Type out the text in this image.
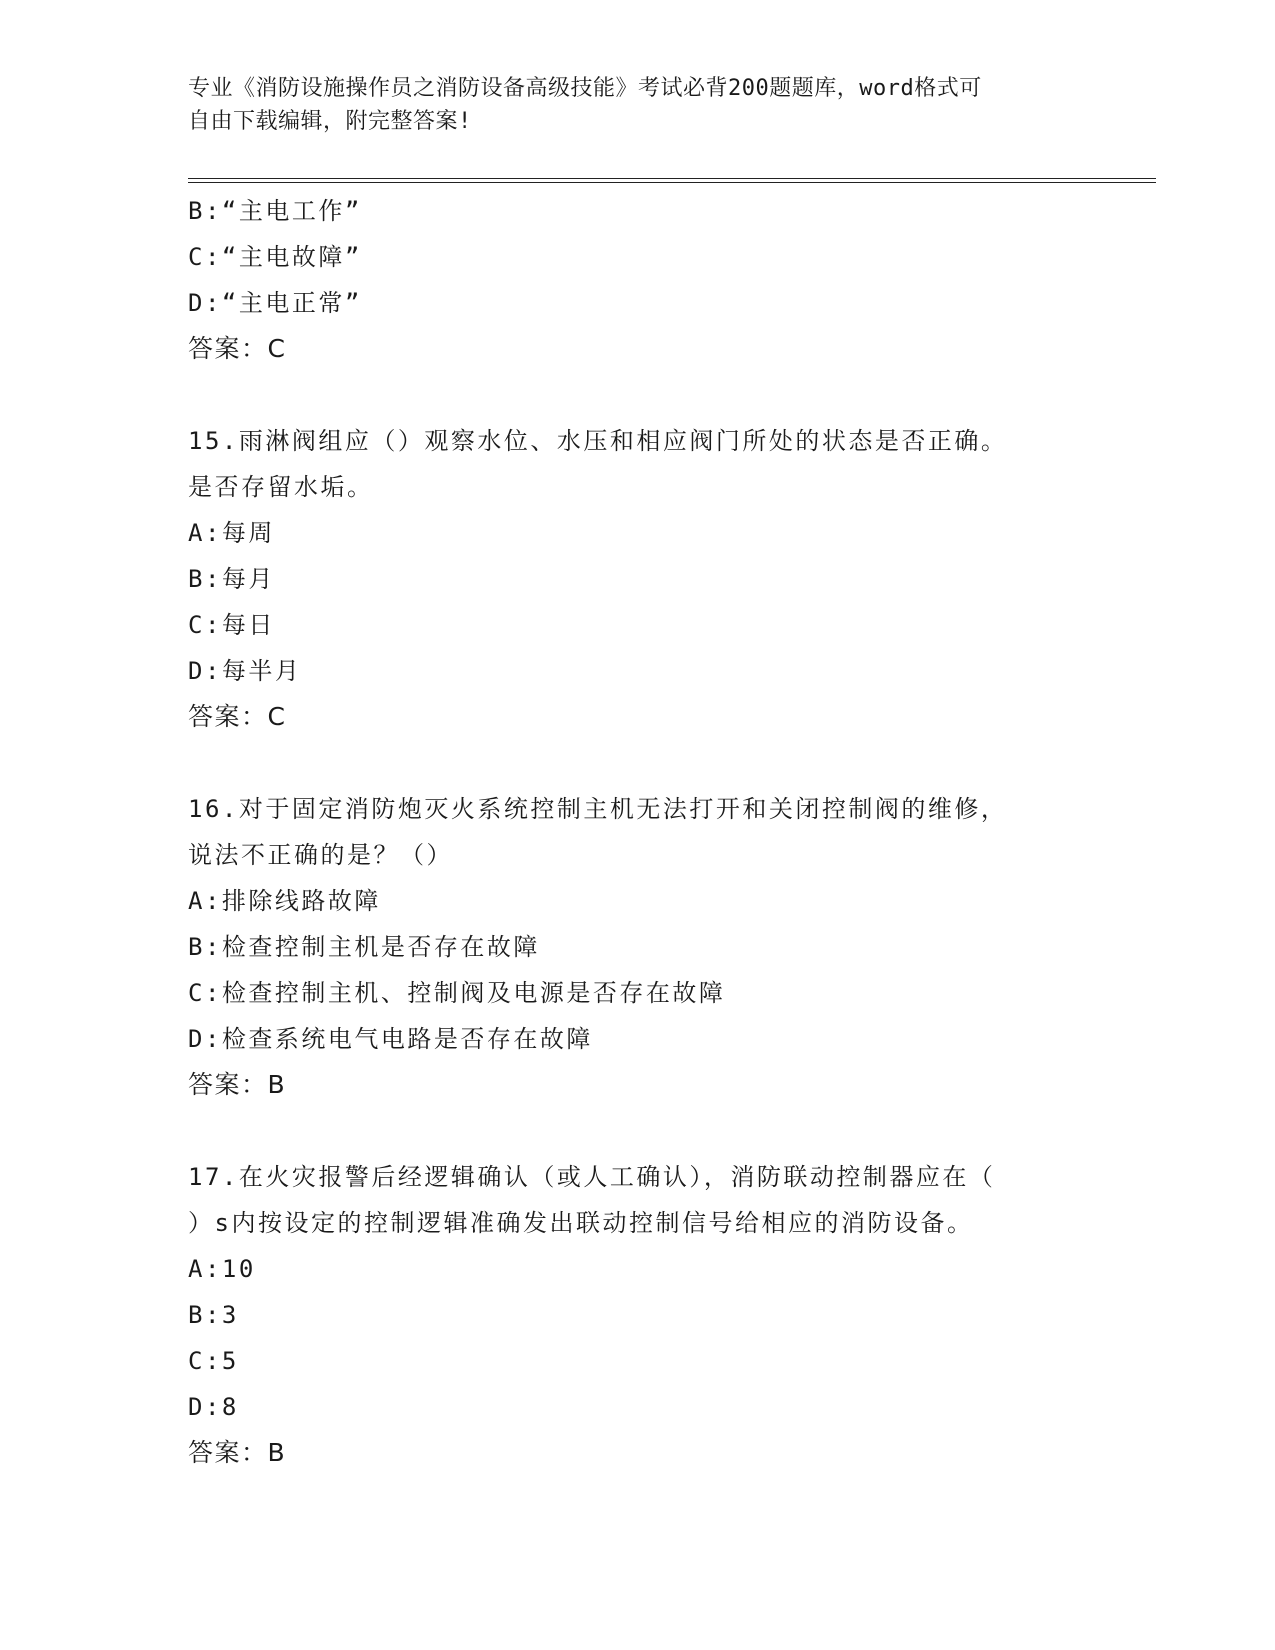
专业《消防设施操作员之消防设备高级技能》考试必背200题题库，word格式可
自由下载编辑，附完整答案!
B:“主电工作”
C:“主电故障”
D:“主电正常”
答案：C
15.雨淋阀组应（）观察水位、水压和相应阀门所处的状态是否正确。
是否存留水垢。
A:每周
B:每月
C:每日
D:每半月
答案：C
16.对于固定消防炮灭火系统控制主机无法打开和关闭控制阀的维修，
说法不正确的是？（）
A:排除线路故障
B:检查控制主机是否存在故障
C:检查控制主机、控制阀及电源是否存在故障
D:检查系统电气电路是否存在故障
答案：B
17.在火灾报警后经逻辑确认（或人工确认），消防联动控制器应在（
）s内按设定的控制逻辑准确发出联动控制信号给相应的消防设备。
A:10
B:3
C:5
D:8
答案：B
